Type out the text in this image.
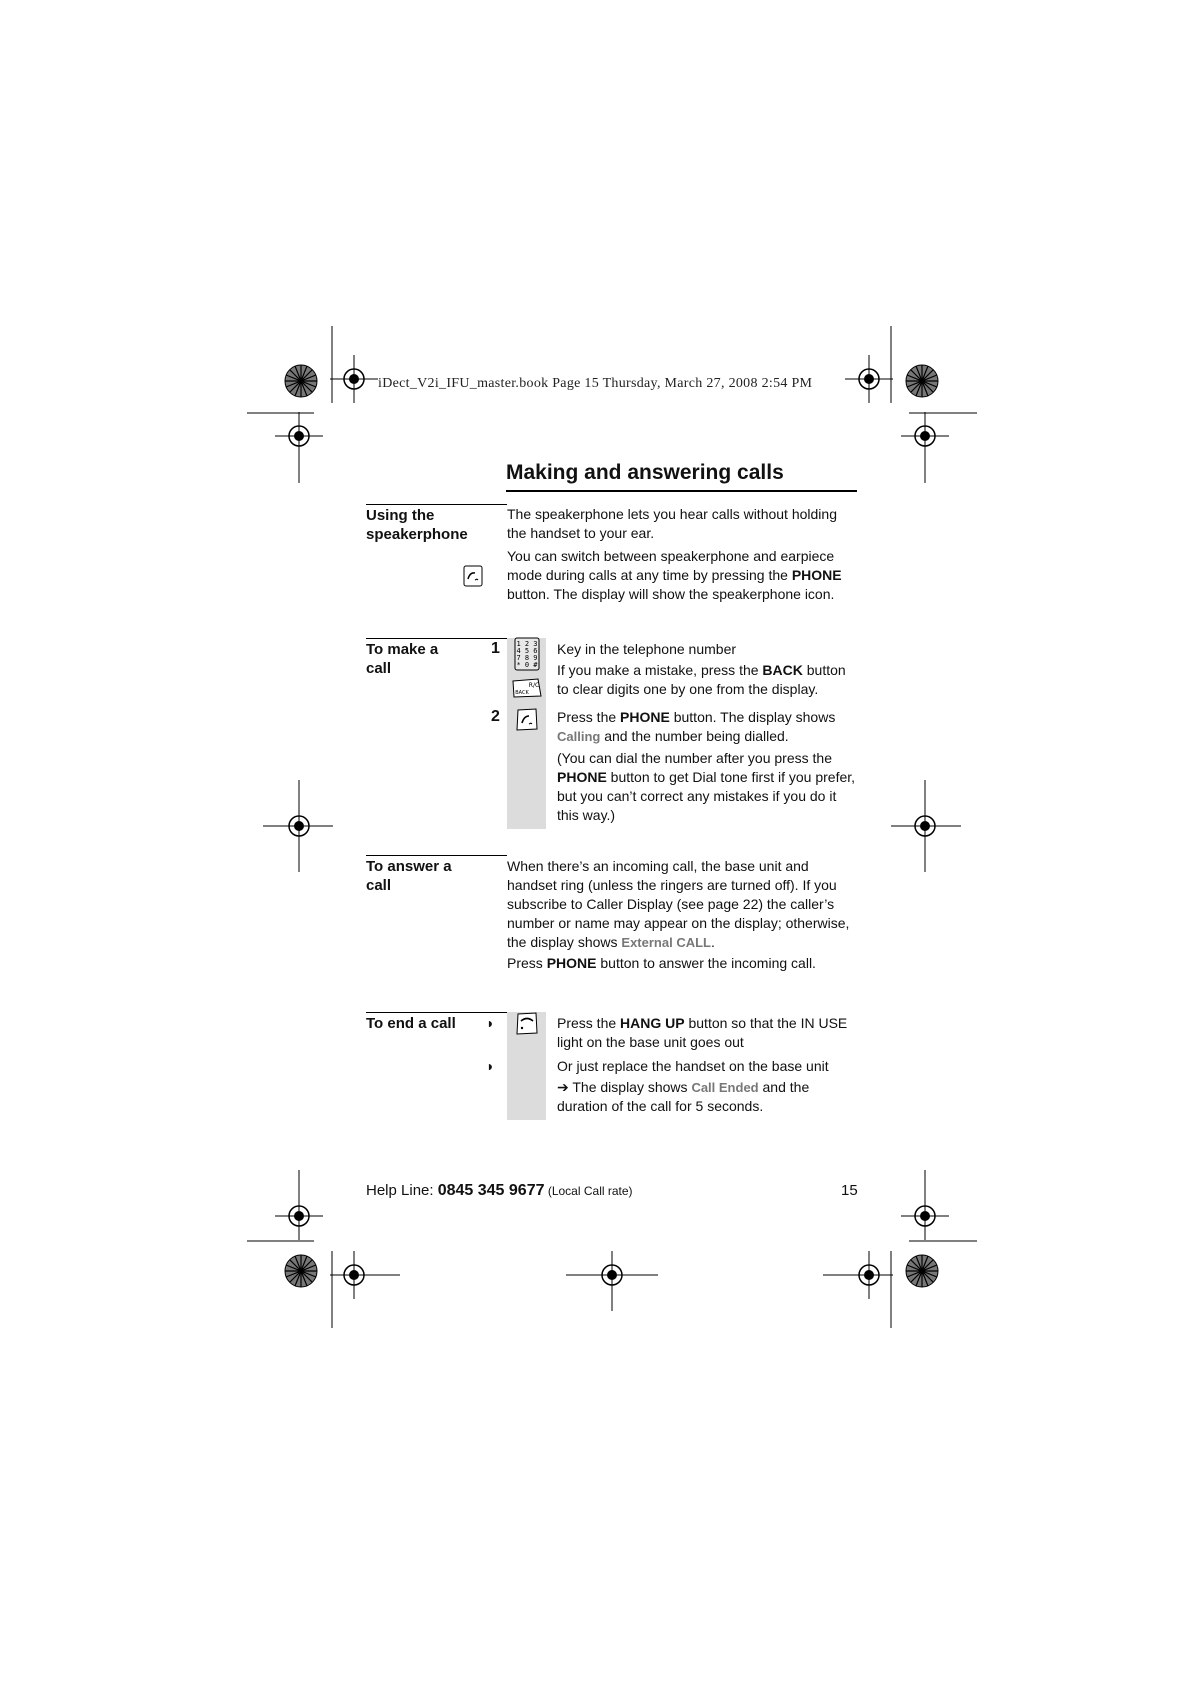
iDect_V2i_IFU_master.book Page 15 Thursday, March 27, 2008 2:54 PM
Making and answering calls
Using the
speakerphone
The speakerphone lets you hear calls without holding the handset to your ear.
You can switch between speakerphone and earpiece mode during calls at any time by pressing the PHONE button. The display will show the speakerphone icon.
To make a
call
1
2
1 2 3
4 5 6
7 8 9
* 0 #
R/C
BACK
Key in the telephone number
If you make a mistake, press the BACK button to clear digits one by one from the display.
Press the PHONE button. The display shows Calling and the number being dialled.
(You can dial the number after you press the PHONE button to get Dial tone first if you prefer, but you can’t correct any mistakes if you do it this way.)
To answer a
call
When there’s an incoming call, the base unit and handset ring (unless the ringers are turned off). If you subscribe to Caller Display (see page 22) the caller’s number or name may appear on the display; otherwise, the display shows External CALL.
Press PHONE button to answer the incoming call.
To end a call ◗
◗
Press the HANG UP button so that the IN USE light on the base unit goes out
Or just replace the handset on the base unit
➔ The display shows Call Ended and the duration of the call for 5 seconds.
Help Line: 0845 345 9677 (Local Call rate)	15
